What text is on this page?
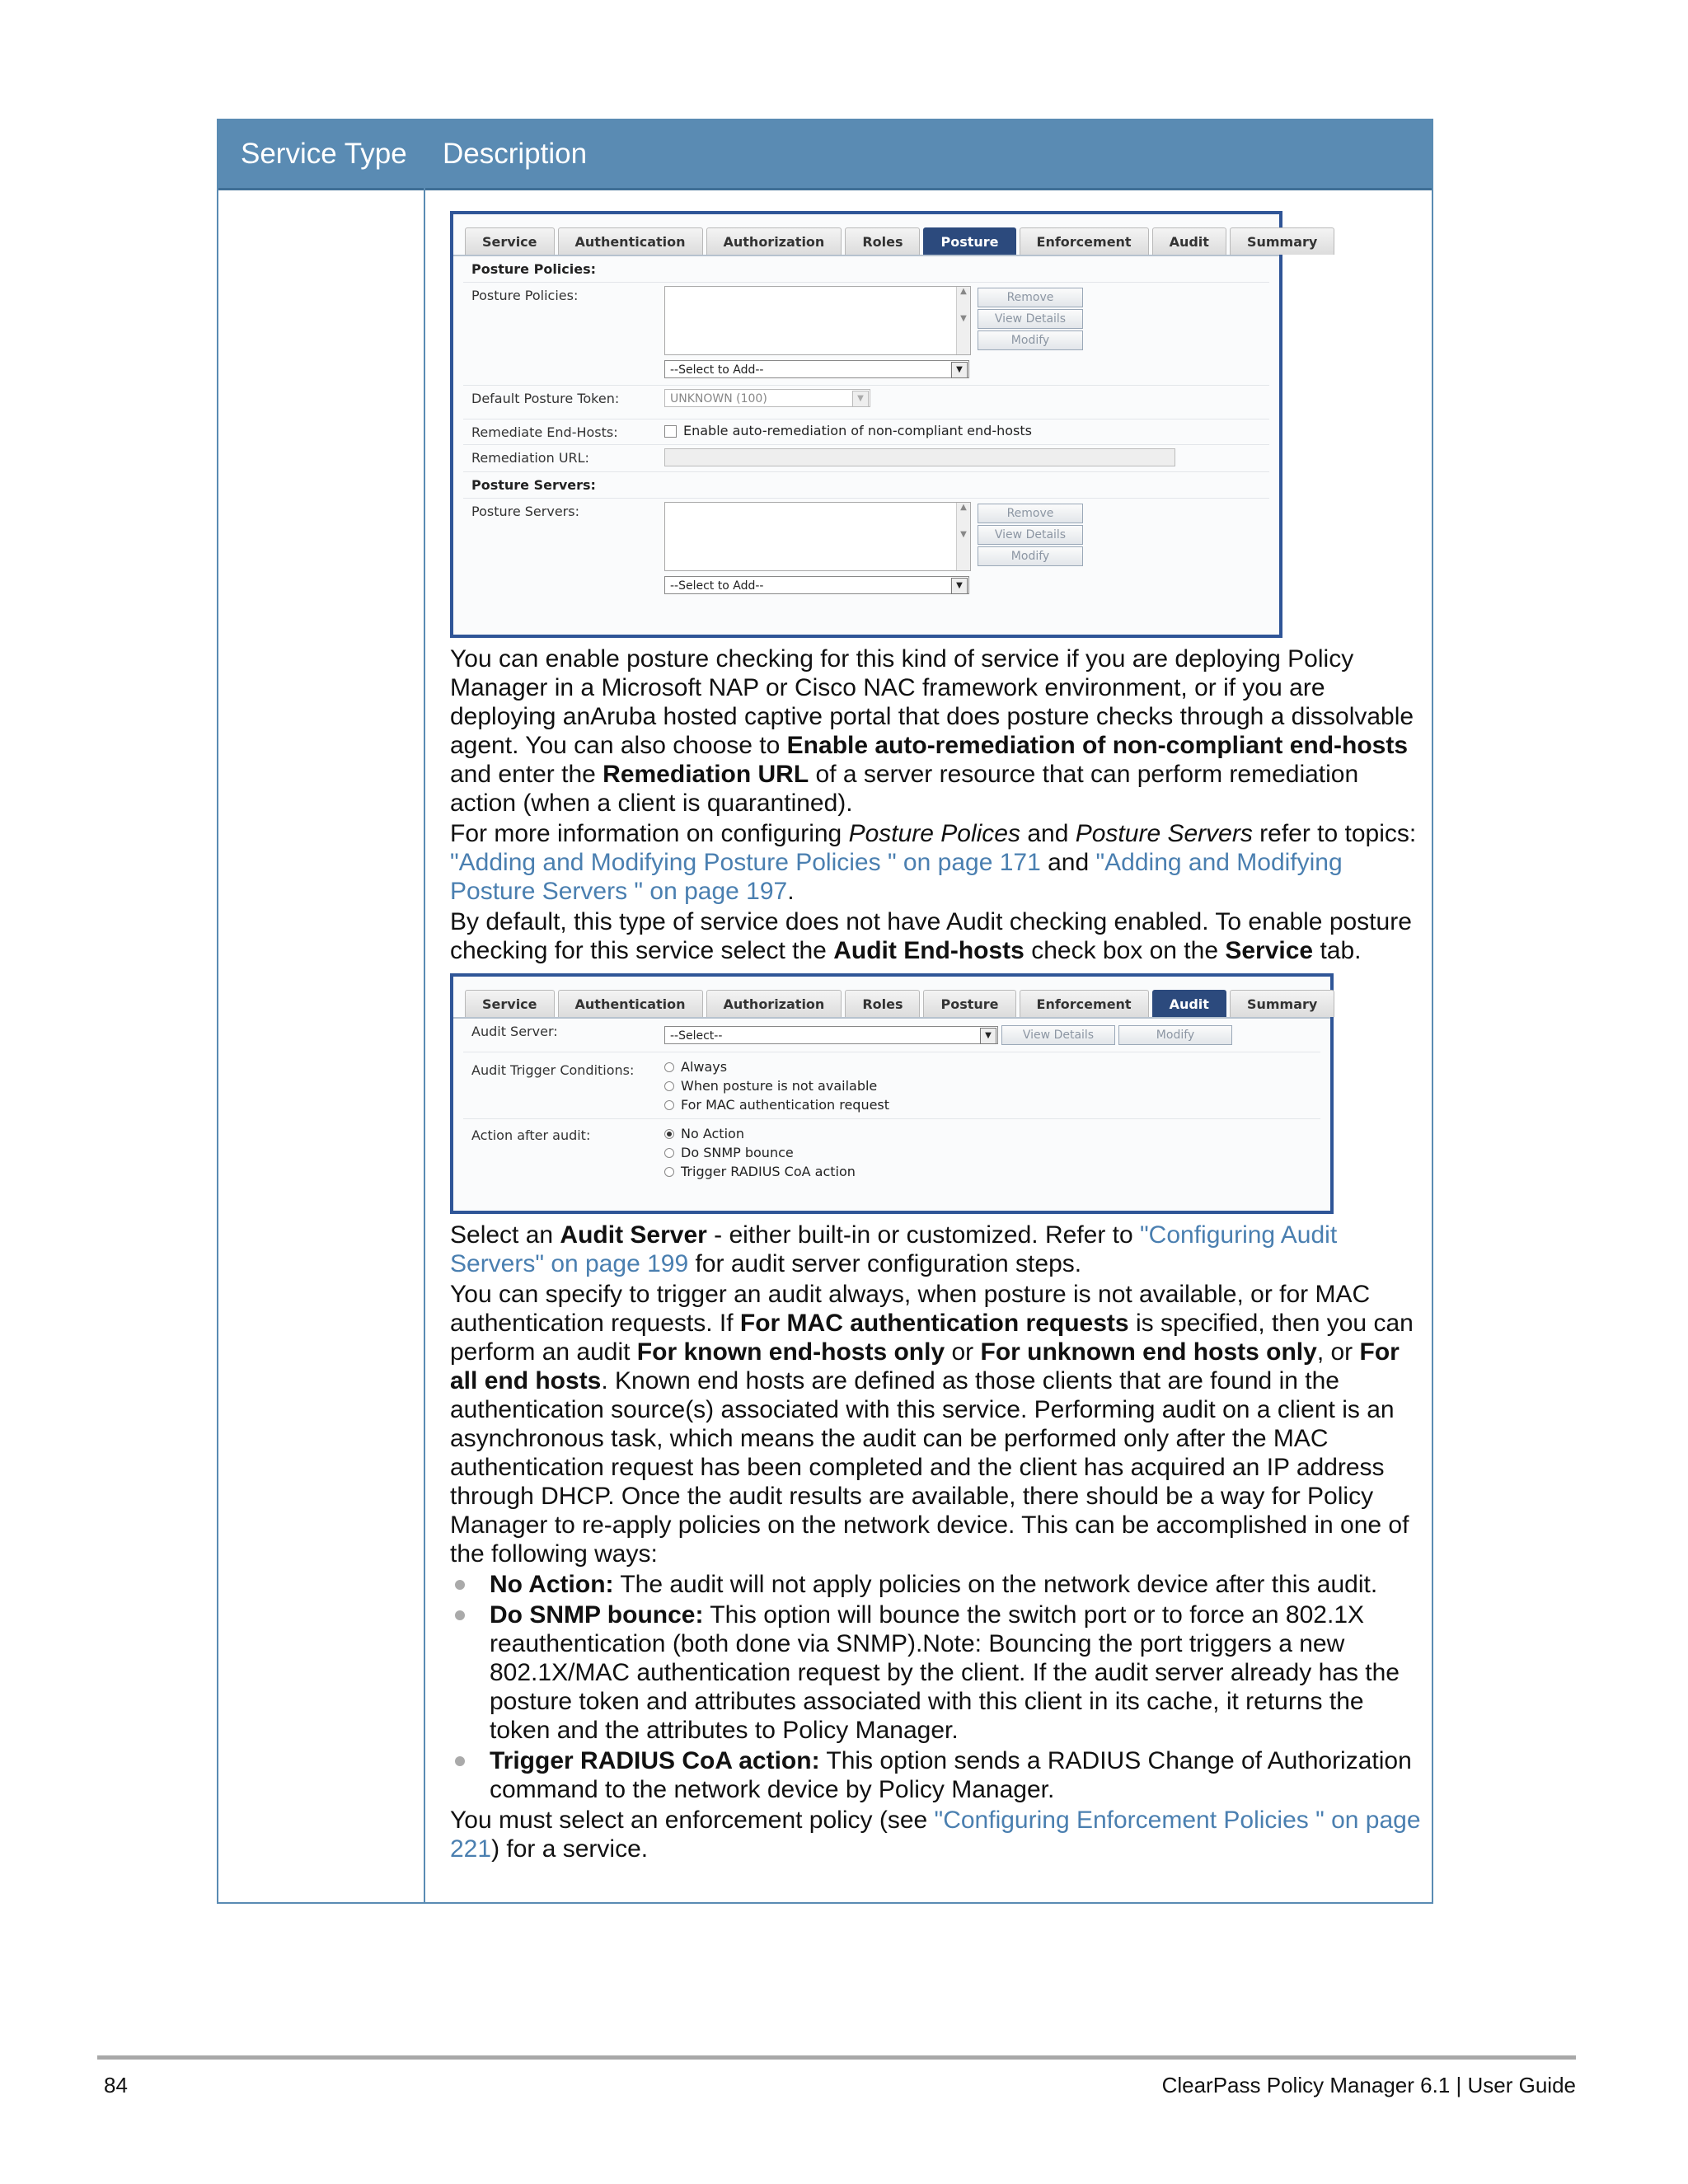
Service Type	Description
Service	Authentication	Authorization	Roles	Posture	Enforcement	Audit	Summary
Posture Policies:
Posture Policies:	▲

▼
--Select to Add--	▼
Remove
View Details
Modify
Default Posture Token:	UNKNOWN (100)	▼
Remediate End-Hosts:	Enable auto-remediation of non-compliant end-hosts
Remediation URL:
Posture Servers:
Posture Servers:	▲

▼
--Select to Add--	▼
Remove
View Details
Modify

You can enable posture checking for this kind of service if you are deploying Policy Manager in a Microsoft NAP or Cisco NAC framework environment, or if you are deploying anAruba hosted captive portal that does posture checks through a dissolvable agent. You can also choose to Enable auto-remediation of non-compliant end-hosts and enter the Remediation URL of a server resource that can perform remediation action (when a client is quarantined).

For more information on configuring Posture Polices and Posture Servers refer to topics: "Adding and Modifying Posture Policies " on page 171 and "Adding and Modifying Posture Servers " on page 197.

By default, this type of service does not have Audit checking enabled. To enable posture checking for this service select the Audit End-hosts check box on the Service tab.

Service	Authentication	Authorization	Roles	Posture	Enforcement	Audit	Summary
Audit Server:	--Select--	▼	View Details	Modify
Audit Trigger Conditions:	Always
When posture is not available
For MAC authentication request
Action after audit:	No Action
Do SNMP bounce
Trigger RADIUS CoA action

Select an Audit Server - either built-in or customized. Refer to "Configuring Audit Servers" on page 199 for audit server configuration steps.

You can specify to trigger an audit always, when posture is not available, or for MAC authentication requests. If For MAC authentication requests is specified, then you can perform an audit For known end-hosts only or For unknown end hosts only, or For all end hosts. Known end hosts are defined as those clients that are found in the authentication source(s) associated with this service. Performing audit on a client is an asynchronous task, which means the audit can be performed only after the MAC authentication request has been completed and the client has acquired an IP address through DHCP. Once the audit results are available, there should be a way for Policy Manager to re-apply policies on the network device. This can be accomplished in one of the following ways:

No Action: The audit will not apply policies on the network device after this audit.
Do SNMP bounce: This option will bounce the switch port or to force an 802.1X reauthentication (both done via SNMP).Note: Bouncing the port triggers a new 802.1X/MAC authentication request by the client. If the audit server already has the posture token and attributes associated with this client in its cache, it returns the token and the attributes to Policy Manager.
Trigger RADIUS CoA action: This option sends a RADIUS Change of Authorization command to the network device by Policy Manager.

You must select an enforcement policy (see "Configuring Enforcement Policies " on page 221) for a service.

84	ClearPass Policy Manager 6.1 | User Guide
